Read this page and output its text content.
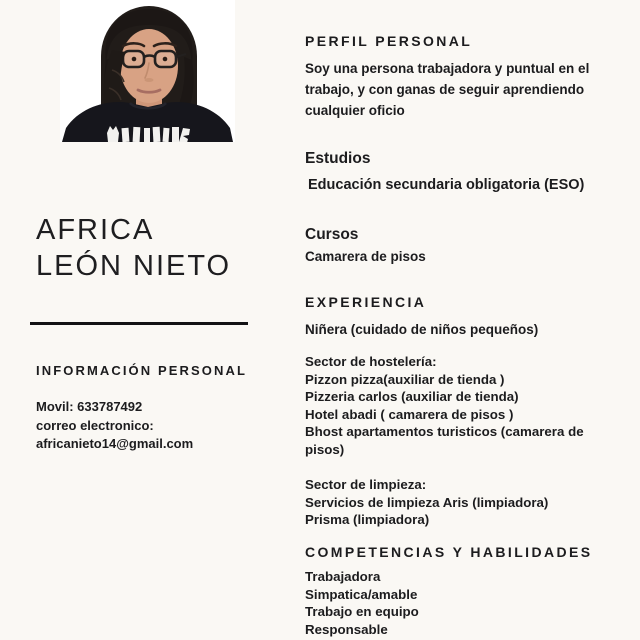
AFRICA
LEÓN NIETO
INFORMACIÓN PERSONAL
Movil: 633787492
correo electronico:
africanieto14@gmail.com
PERFIL PERSONAL
Soy una persona trabajadora y puntual en el trabajo, y con ganas de seguir aprendiendo cualquier oficio
Estudios
Educación secundaria obligatoria (ESO)
Cursos
Camarera de pisos
EXPERIENCIA
Niñera (cuidado de niños pequeños)
Sector de hostelería:
Pizzon pizza(auxiliar de tienda )
Pizzeria carlos (auxiliar de tienda)
Hotel abadi ( camarera de pisos )
Bhost apartamentos turisticos (camarera de pisos)
Sector de limpieza:
Servicios de limpieza Aris (limpiadora)
Prisma (limpiadora)
COMPETENCIAS Y HABILIDADES
Trabajadora
Simpatica/amable
Trabajo en equipo
Responsable
